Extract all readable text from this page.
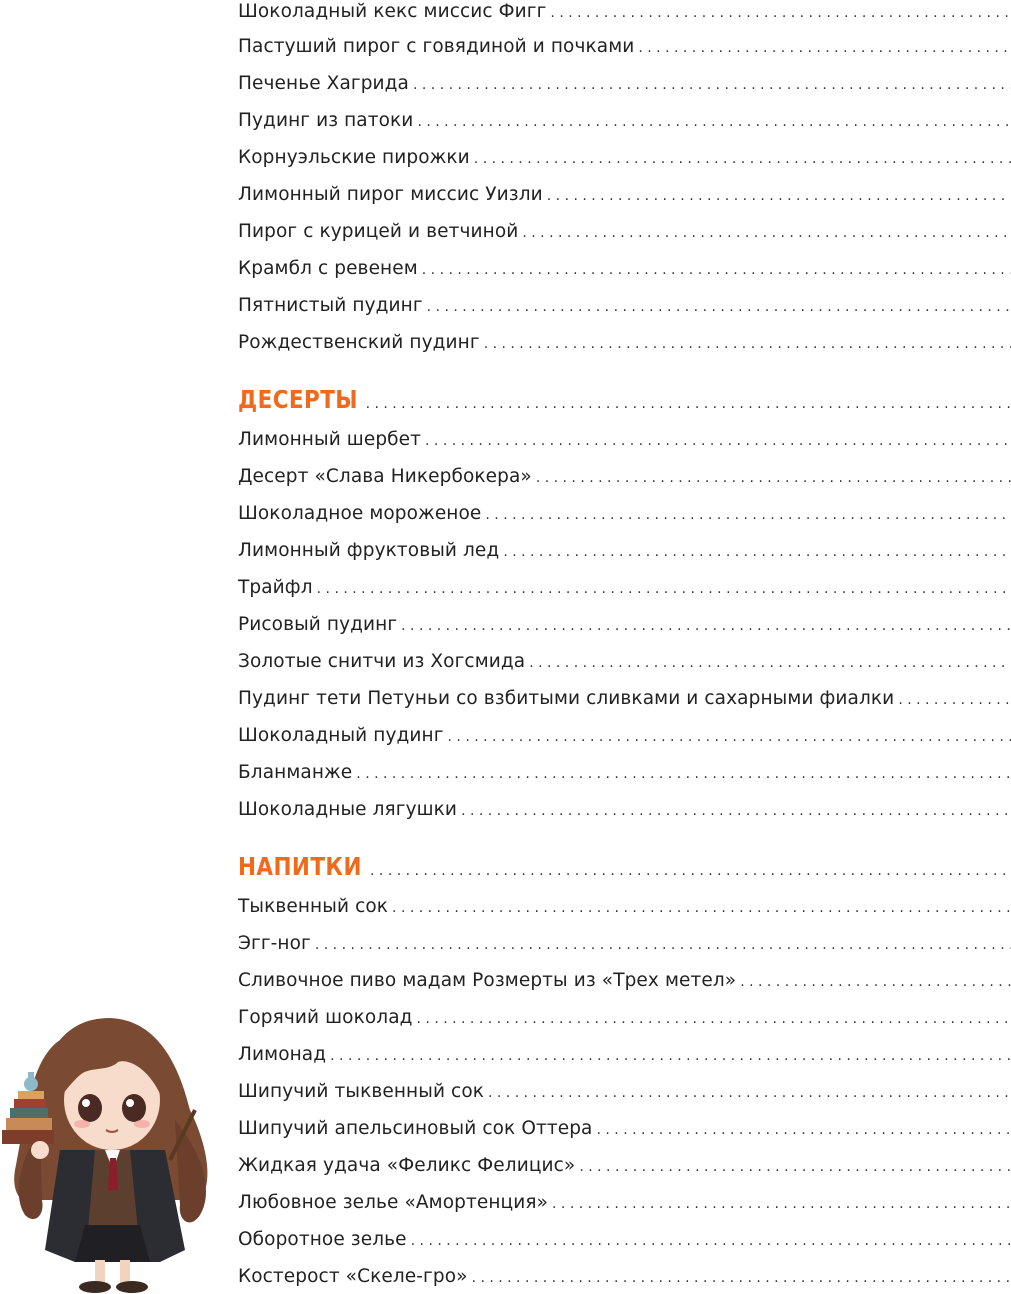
Шоколадный кекс миссис Фигг
. . .
Пастуший пирог с говядиной и почками
. . .
Печенье Хагрида
. . .
Пудинг из патоки
. . .
Корнуэльские пирожки
. . .
Лимонный пирог миссис Уизли
. . .
Пирог с курицей и ветчиной
. . .
Крамбл с ревенем
. . .
Пятнистый пудинг
. . .
Рождественский пудинг
. . .
ДЕСЕРТЫ
. . .
Лимонный шербет
. . .
Десерт «Слава Никербокера»
. . .
Шоколадное мороженое
. . .
Лимонный фруктовый лед
. . .
Трайфл
. . .
Рисовый пудинг
. . .
Золотые снитчи из Хогсмида
. . .
Пудинг тети Петуньи со взбитыми сливками и сахарными фиалки
. . .
Шоколадный пудинг
. . .
Бланманже
. . .
Шоколадные лягушки
. . .
НАПИТКИ
. . .
Тыквенный сок
. . .
Эгг-ног
. . .
Сливочное пиво мадам Розмерты из «Трех метел»
. . .
Горячий шоколад
. . .
Лимонад
. . .
Шипучий тыквенный сок
. . .
Шипучий апельсиновый сок Оттера
. . .
Жидкая удача «Феликс Фелицис»
. . .
Любовное зелье «Амортенция»
. . .
Оборотное зелье
. . .
Костерост «Скеле-гро»
. . .
